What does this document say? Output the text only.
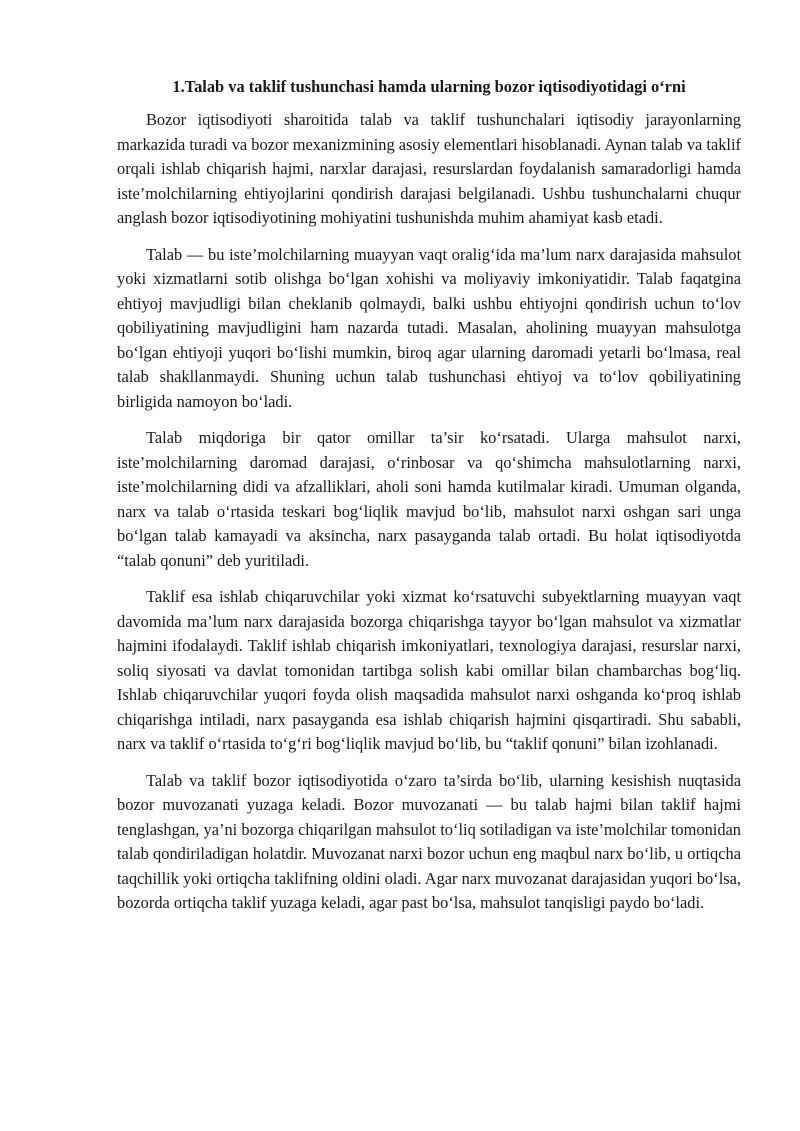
1.Talab va taklif tushunchasi hamda ularning bozor iqtisodiyotidagi o‘rni

Bozor iqtisodiyoti sharoitida talab va taklif tushunchalari iqtisodiy jarayonlarning markazida turadi va bozor mexanizmining asosiy elementlari hisoblanadi. Aynan talab va taklif orqali ishlab chiqarish hajmi, narxlar darajasi, resurslardan foydalanish samaradorligi hamda iste’molchilarning ehtiyojlarini qondirish darajasi belgilanadi. Ushbu tushunchalarni chuqur anglash bozor iqtisodiyotining mohiyatini tushunishda muhim ahamiyat kasb etadi.

Talab — bu iste’molchilarning muayyan vaqt oralig‘ida ma’lum narx darajasida mahsulot yoki xizmatlarni sotib olishga bo‘lgan xohishi va moliyaviy imkoniyatidir. Talab faqatgina ehtiyoj mavjudligi bilan cheklanib qolmaydi, balki ushbu ehtiyojni qondirish uchun to‘lov qobiliyatining mavjudligini ham nazarda tutadi. Masalan, aholining muayyan mahsulotga bo‘lgan ehtiyoji yuqori bo‘lishi mumkin, biroq agar ularning daromadi yetarli bo‘lmasa, real talab shakllanmaydi. Shuning uchun talab tushunchasi ehtiyoj va to‘lov qobiliyatining birligida namoyon bo‘ladi.

Talab miqdoriga bir qator omillar ta’sir ko‘rsatadi. Ularga mahsulot narxi, iste’molchilarning daromad darajasi, o‘rinbosar va qo‘shimcha mahsulotlarning narxi, iste’molchilarning didi va afzalliklari, aholi soni hamda kutilmalar kiradi. Umuman olganda, narx va talab o‘rtasida teskari bog‘liqlik mavjud bo‘lib, mahsulot narxi oshgan sari unga bo‘lgan talab kamayadi va aksincha, narx pasayganda talab ortadi. Bu holat iqtisodiyotda “talab qonuni” deb yuritiladi.

Taklif esa ishlab chiqaruvchilar yoki xizmat ko‘rsatuvchi subyektlarning muayyan vaqt davomida ma’lum narx darajasida bozorga chiqarishga tayyor bo‘lgan mahsulot va xizmatlar hajmini ifodalaydi. Taklif ishlab chiqarish imkoniyatlari, texnologiya darajasi, resurslar narxi, soliq siyosati va davlat tomonidan tartibga solish kabi omillar bilan chambarchas bog‘liq. Ishlab chiqaruvchilar yuqori foyda olish maqsadida mahsulot narxi oshganda ko‘proq ishlab chiqarishga intiladi, narx pasayganda esa ishlab chiqarish hajmini qisqartiradi. Shu sababli, narx va taklif o‘rtasida to‘g‘ri bog‘liqlik mavjud bo‘lib, bu “taklif qonuni” bilan izohlanadi.

Talab va taklif bozor iqtisodiyotida o‘zaro ta’sirda bo‘lib, ularning kesishish nuqtasida bozor muvozanati yuzaga keladi. Bozor muvozanati — bu talab hajmi bilan taklif hajmi tenglashgan, ya’ni bozorga chiqarilgan mahsulot to‘liq sotiladigan va iste’molchilar tomonidan talab qondiriladigan holatdir. Muvozanat narxi bozor uchun eng maqbul narx bo‘lib, u ortiqcha taqchillik yoki ortiqcha taklifning oldini oladi. Agar narx muvozanat darajasidan yuqori bo‘lsa, bozorda ortiqcha taklif yuzaga keladi, agar past bo‘lsa, mahsulot tanqisligi paydo bo‘ladi.
